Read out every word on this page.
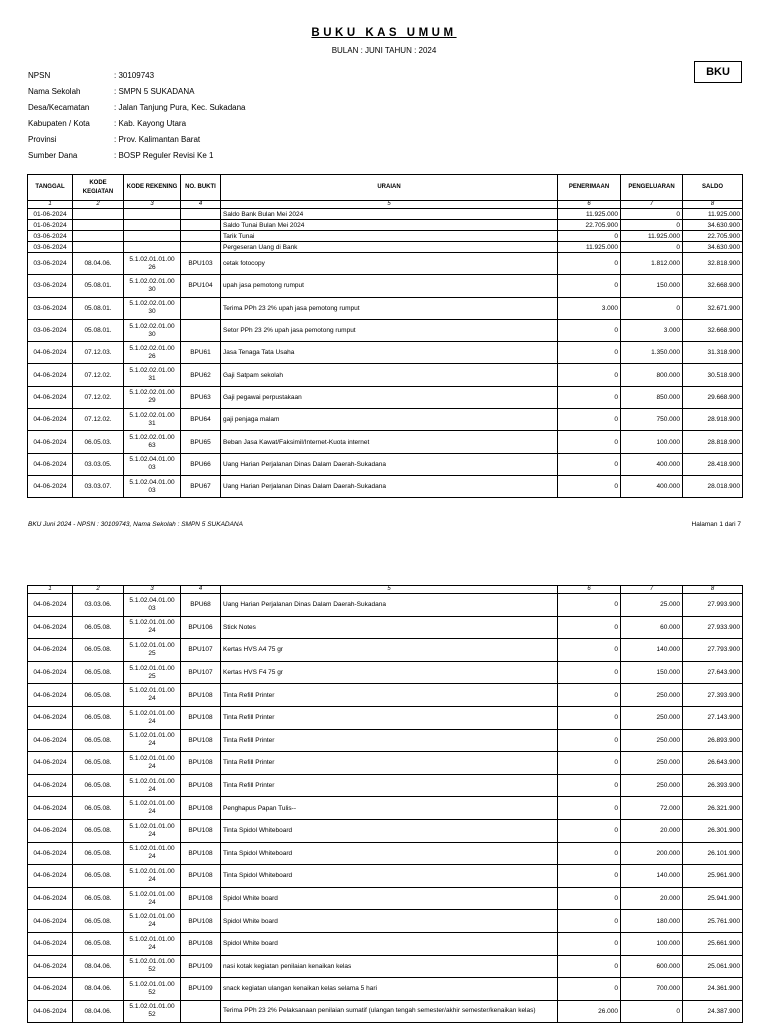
BUKU KAS UMUM
BULAN : JUNI TAHUN : 2024
BKU
NPSN	: 30109743
Nama Sekolah	: SMPN 5 SUKADANA
Desa/Kecamatan	: Jalan Tanjung Pura, Kec. Sukadana
Kabupaten / Kota	: Kab. Kayong Utara
Provinsi	: Prov. Kalimantan Barat
Sumber Dana	: BOSP Reguler Revisi Ke 1
TANGGAL	KODE KEGIATAN	KODE REKENING	NO. BUKTI	URAIAN	PENERIMAAN	PENGELUARAN	SALDO
1	2	3	4	5	6	7	8
01-06-2024				Saldo Bank Bulan Mei 2024	11.925.000	0	11.925.000
01-06-2024				Saldo Tunai Bulan Mei 2024	22.705.900	0	34.630.900
03-06-2024				Tarik Tunai	0	11.925.000	22.705.900
03-06-2024				Pergeseran Uang di Bank	11.925.000	0	34.630.900
03-06-2024	08.04.06.	5.1.02.01.01.00 26	BPU103	cetak fotocopy	0	1.812.000	32.818.900
03-06-2024	05.08.01.	5.1.02.02.01.00 30	BPU104	upah jasa pemotong rumput	0	150.000	32.668.900
03-06-2024	05.08.01.	5.1.02.02.01.00 30		Terima PPh 23 2% upah jasa pemotong rumput	3.000	0	32.671.900
03-06-2024	05.08.01.	5.1.02.02.01.00 30		Setor PPh 23 2% upah jasa pemotong rumput	0	3.000	32.668.900
04-06-2024	07.12.03.	5.1.02.02.01.00 26	BPU61	Jasa Tenaga Tata Usaha	0	1.350.000	31.318.900
04-06-2024	07.12.02.	5.1.02.02.01.00 31	BPU62	Gaji Satpam sekolah	0	800.000	30.518.900
04-06-2024	07.12.02.	5.1.02.02.01.00 29	BPU63	Gaji pegawai perpustakaan	0	850.000	29.668.900
04-06-2024	07.12.02.	5.1.02.02.01.00 31	BPU64	gaji penjaga malam	0	750.000	28.918.900
04-06-2024	06.05.03.	5.1.02.02.01.00 63	BPU65	Beban Jasa Kawat/Faksimil/Internet-Kuota internet	0	100.000	28.818.900
04-06-2024	03.03.05.	5.1.02.04.01.00 03	BPU66	Uang Harian Perjalanan Dinas Dalam Daerah-Sukadana	0	400.000	28.418.900
04-06-2024	03.03.07.	5.1.02.04.01.00 03	BPU67	Uang Harian Perjalanan Dinas Dalam Daerah-Sukadana	0	400.000	28.018.900
BKU Juni 2024 - NPSN : 30109743, Nama Sekolah : SMPN 5 SUKADANA	Halaman 1 dari 7
1	2	3	4	5	6	7	8
04-06-2024	03.03.06.	5.1.02.04.01.00 03	BPU68	Uang Harian Perjalanan Dinas Dalam Daerah-Sukadana	0	25.000	27.993.900
04-06-2024	06.05.08.	5.1.02.01.01.00 24	BPU106	Stick Notes	0	60.000	27.933.900
04-06-2024	06.05.08.	5.1.02.01.01.00 25	BPU107	Kertas HVS A4 75 gr	0	140.000	27.793.900
04-06-2024	06.05.08.	5.1.02.01.01.00 25	BPU107	Kertas HVS F4 75 gr	0	150.000	27.643.900
04-06-2024	06.05.08.	5.1.02.01.01.00 24	BPU108	Tinta Refill Printer	0	250.000	27.393.900
04-06-2024	06.05.08.	5.1.02.01.01.00 24	BPU108	Tinta Refill Printer	0	250.000	27.143.900
04-06-2024	06.05.08.	5.1.02.01.01.00 24	BPU108	Tinta Refill Printer	0	250.000	26.893.900
04-06-2024	06.05.08.	5.1.02.01.01.00 24	BPU108	Tinta Refill Printer	0	250.000	26.643.900
04-06-2024	06.05.08.	5.1.02.01.01.00 24	BPU108	Tinta Refill Printer	0	250.000	26.393.900
04-06-2024	06.05.08.	5.1.02.01.01.00 24	BPU108	Penghapus Papan Tulis--	0	72.000	26.321.900
04-06-2024	06.05.08.	5.1.02.01.01.00 24	BPU108	Tinta Spidol Whiteboard	0	20.000	26.301.900
04-06-2024	06.05.08.	5.1.02.01.01.00 24	BPU108	Tinta Spidol Whiteboard	0	200.000	26.101.900
04-06-2024	06.05.08.	5.1.02.01.01.00 24	BPU108	Tinta Spidol Whiteboard	0	140.000	25.961.900
04-06-2024	06.05.08.	5.1.02.01.01.00 24	BPU108	Spidol White board	0	20.000	25.941.900
04-06-2024	06.05.08.	5.1.02.01.01.00 24	BPU108	Spidol White board	0	180.000	25.761.900
04-06-2024	06.05.08.	5.1.02.01.01.00 24	BPU108	Spidol White board	0	100.000	25.661.900
04-06-2024	08.04.06.	5.1.02.01.01.00 52	BPU109	nasi kotak kegiatan penilaian kenaikan kelas	0	600.000	25.061.900
04-06-2024	08.04.06.	5.1.02.01.01.00 52	BPU109	snack kegiatan ulangan kenaikan kelas selama 5 hari	0	700.000	24.361.900
04-06-2024	08.04.06.	5.1.02.01.01.00 52		Terima PPh 23 2% Pelaksanaan penilaian sumatif (ulangan tengah semester/akhir semester/kenaikan kelas)	26.000	0	24.387.900
